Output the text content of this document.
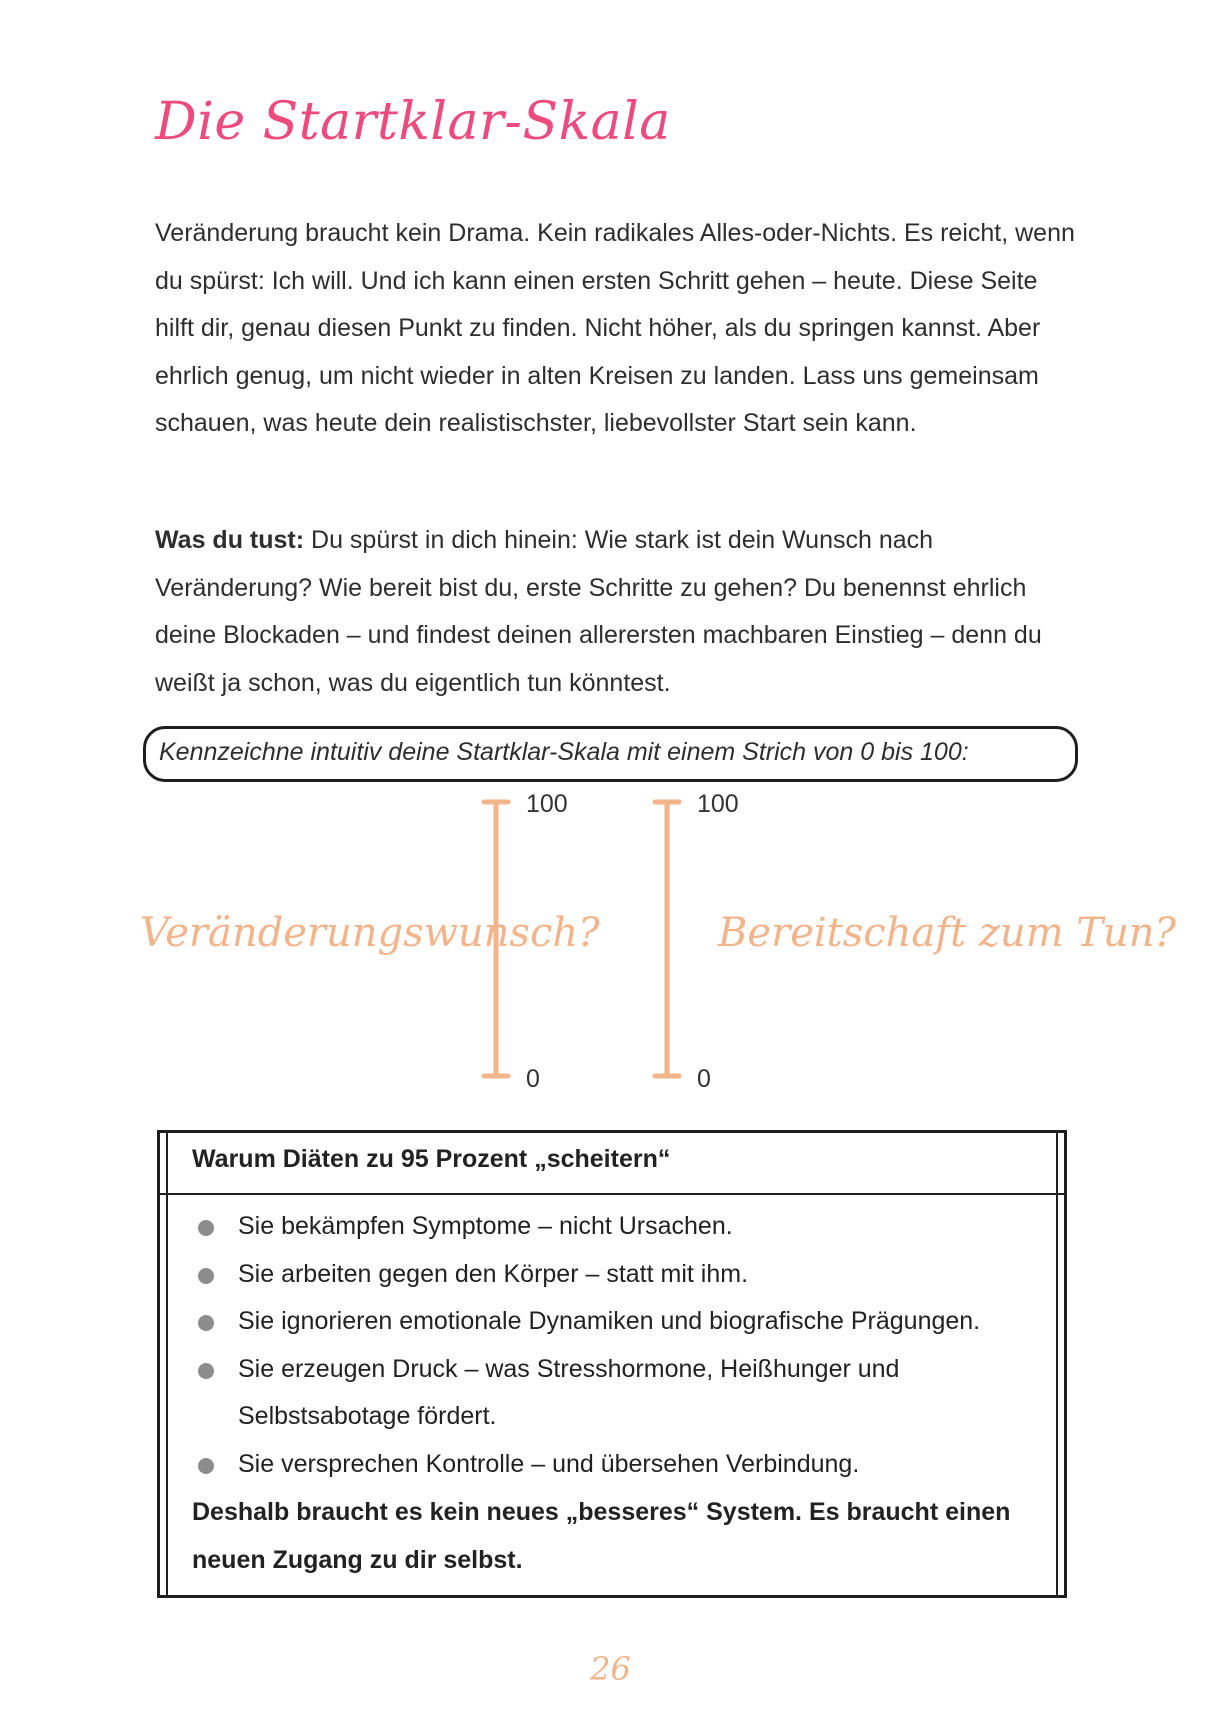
Die Startklar-Skala

Veränderung braucht kein Drama. Kein radikales Alles-oder-Nichts. Es reicht, wenn du spürst: Ich will. Und ich kann einen ersten Schritt gehen – heute. Diese Seite hilft dir, genau diesen Punkt zu finden. Nicht höher, als du springen kannst. Aber ehrlich genug, um nicht wieder in alten Kreisen zu landen. Lass uns gemeinsam schauen, was heute dein realistischster, liebevollster Start sein kann.

Was du tust: Du spürst in dich hinein: Wie stark ist dein Wunsch nach Veränderung? Wie bereit bist du, erste Schritte zu gehen? Du benennst ehrlich deine Blockaden – und findest deinen allerersten machbaren Einstieg – denn du weißt ja schon, was du eigentlich tun könntest.

Kennzeichne intuitiv deine Startklar-Skala mit einem Strich von 0 bis 100:
Veränderungswunsch?
100
0
100
0
Bereitschaft zum Tun?
Warum Diäten zu 95 Prozent „scheitern“
Sie bekämpfen Symptome – nicht Ursachen.
Sie arbeiten gegen den Körper – statt mit ihm.
Sie ignorieren emotionale Dynamiken und biografische Prägungen.
Sie erzeugen Druck – was Stresshormone, Heißhunger und Selbstsabotage fördert.
Sie versprechen Kontrolle – und übersehen Verbindung.
Deshalb braucht es kein neues „besseres“ System. Es braucht einen neuen Zugang zu dir selbst.
26
